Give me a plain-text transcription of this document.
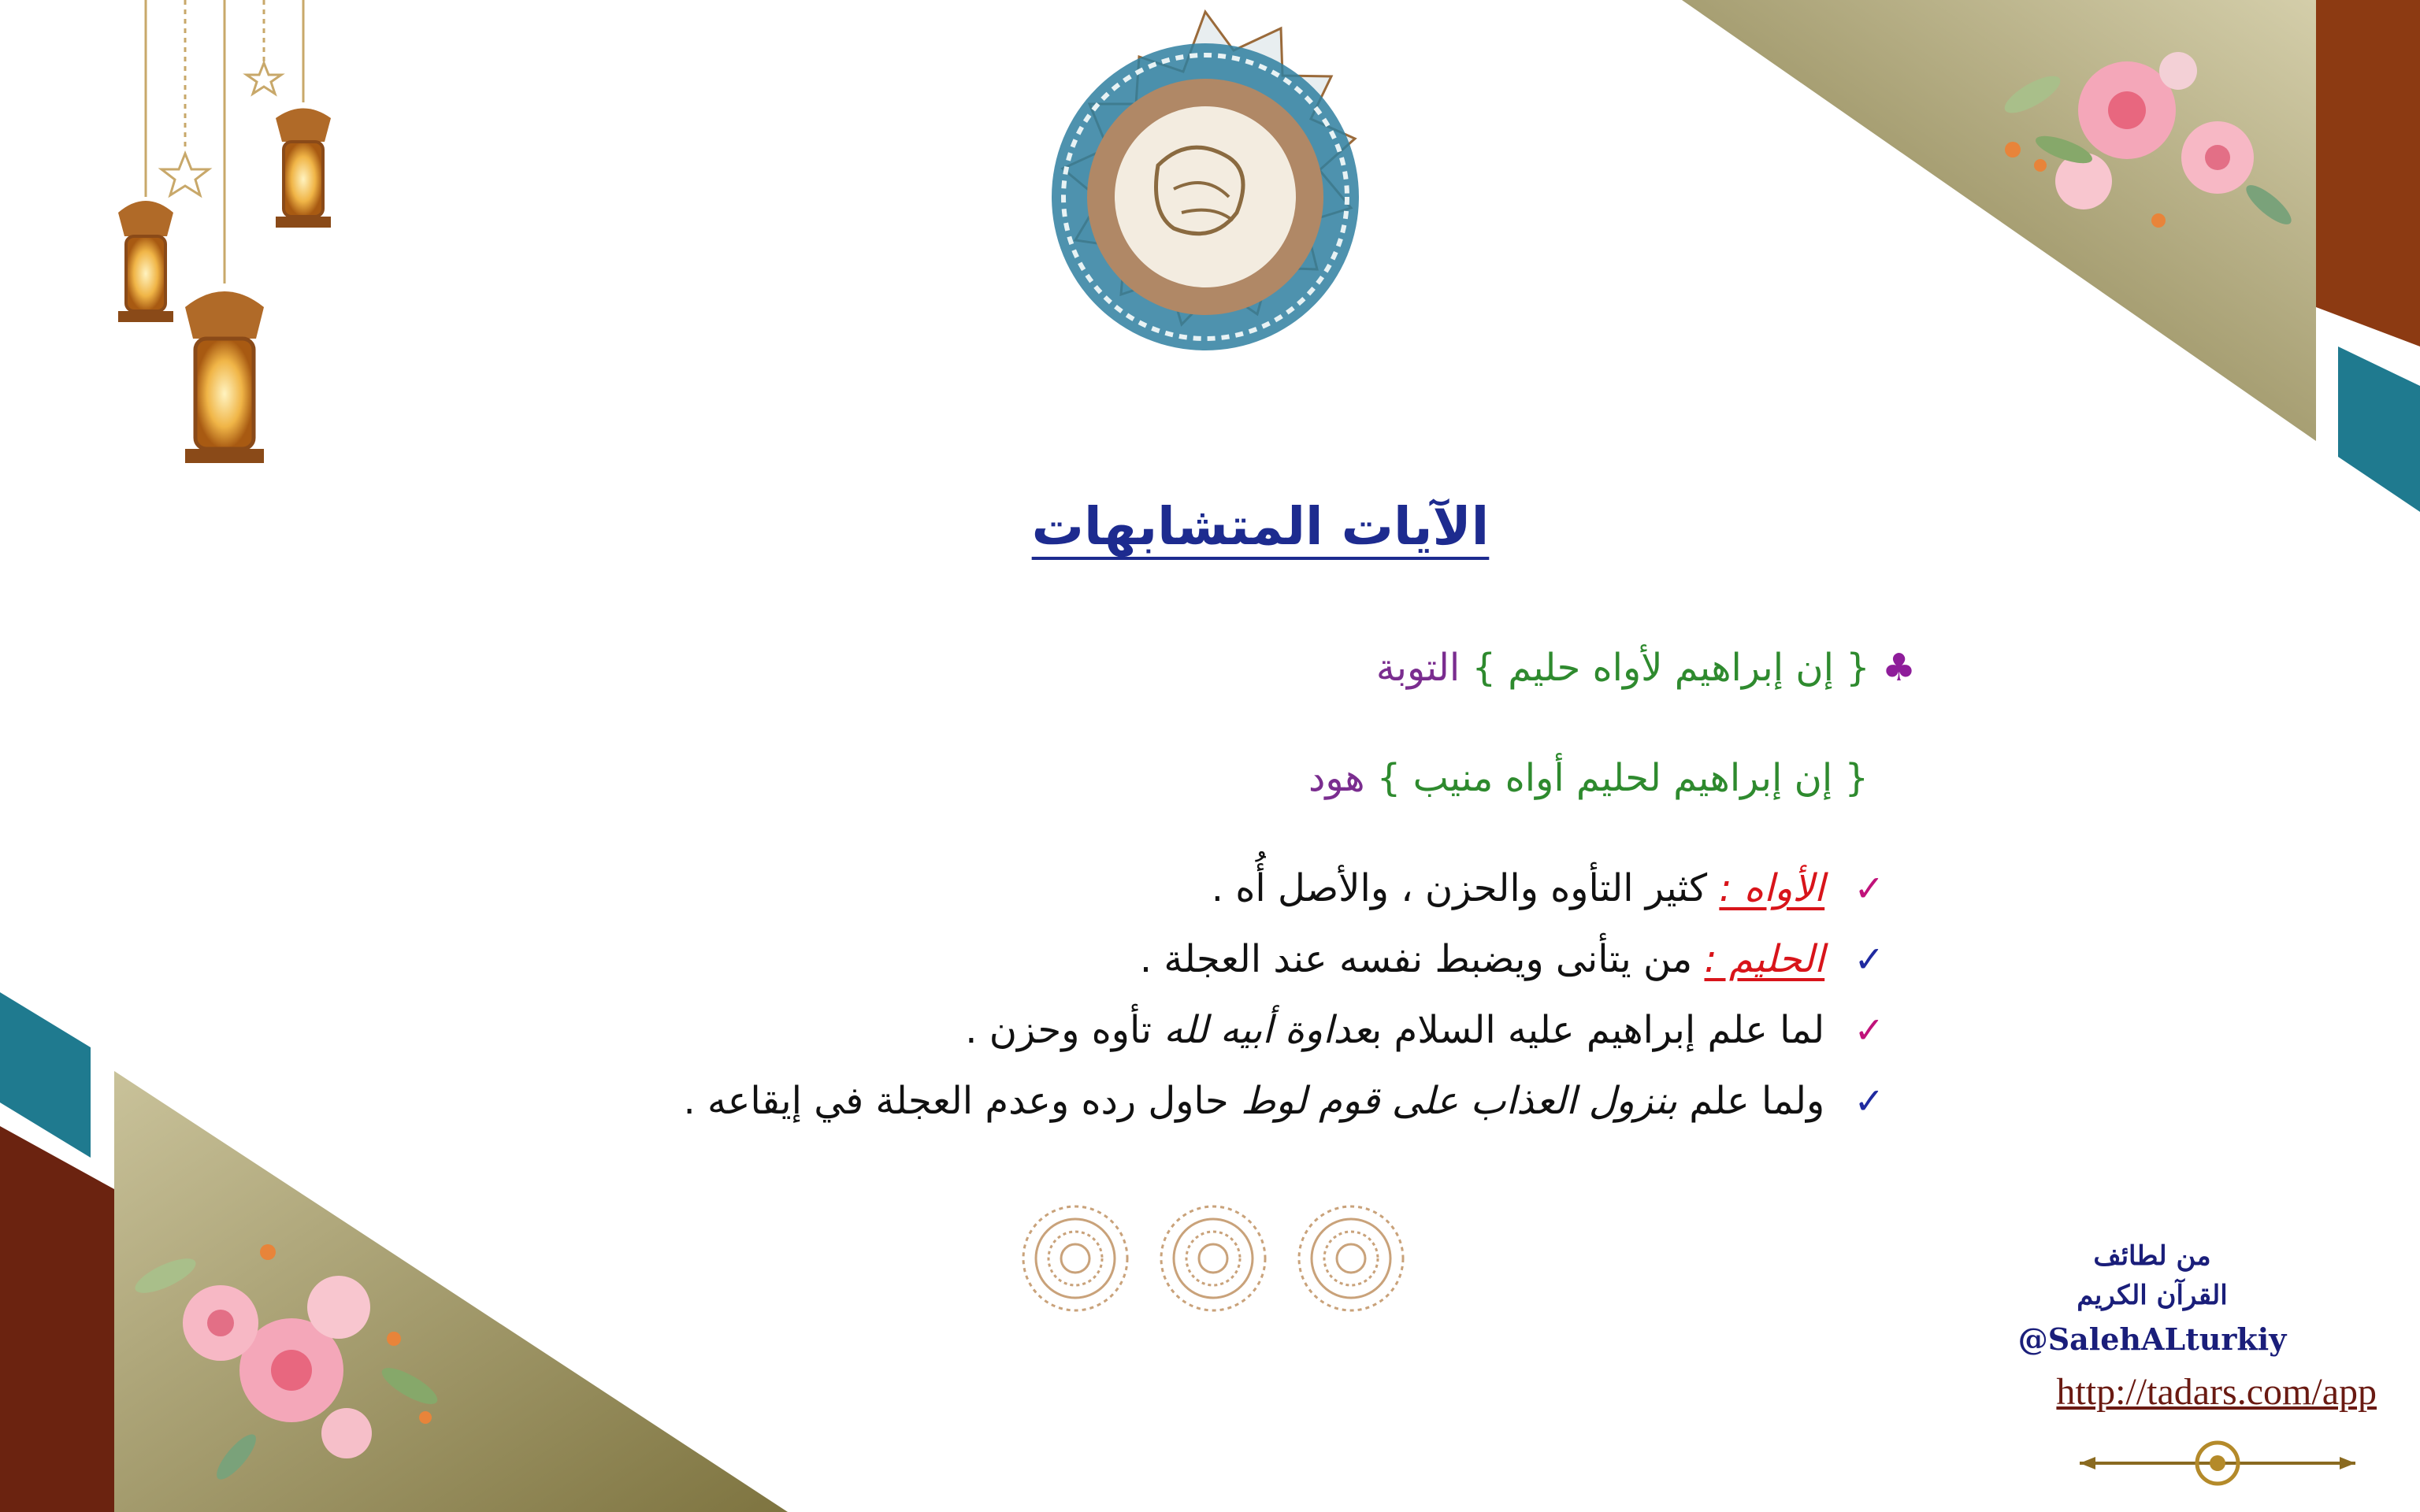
الآيات المتشابهات
♣ { إن إبراهيم لأواه حليم } التوبة
{ إن إبراهيم لحليم أواه منيب } هود
✓ الأواه : كثير التأوه والحزن ، والأصل أُه .
✓ الحليم : من يتأنى ويضبط نفسه عند العجلة .
✓ لما علم إبراهيم عليه السلام بعداوة أبيه لله تأوه وحزن .
✓ ولما علم بنزول العذاب على قوم لوط حاول رده وعدم العجلة في إيقاعه .
من لطائف
القرآن الكريم
@SalehALturkiy
http://tadars.com/app
